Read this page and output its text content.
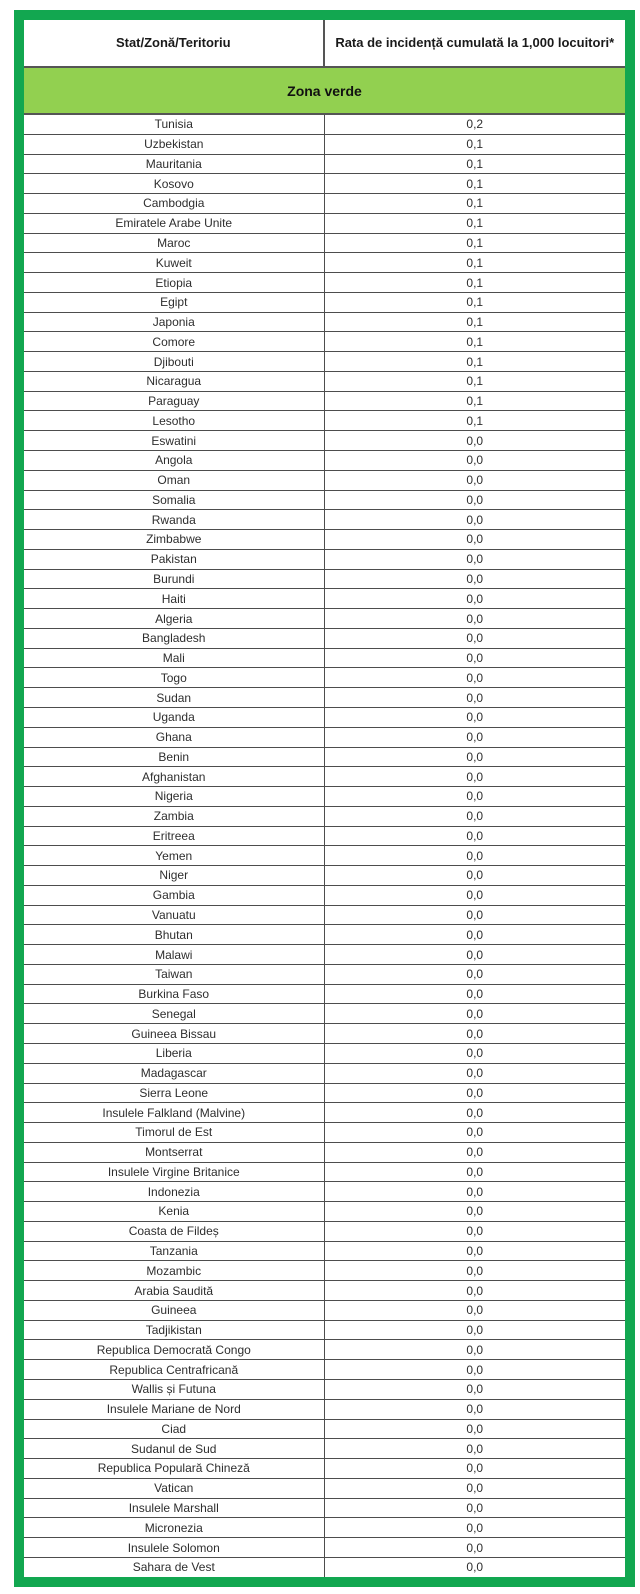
Stat/Zonă/Teritoriu	Rata de incidență cumulată la 1,000 locuitori*
Zona verde
Tunisia	0,2
Uzbekistan	0,1
Mauritania	0,1
Kosovo	0,1
Cambodgia	0,1
Emiratele Arabe Unite	0,1
Maroc	0,1
Kuweit	0,1
Etiopia	0,1
Egipt	0,1
Japonia	0,1
Comore	0,1
Djibouti	0,1
Nicaragua	0,1
Paraguay	0,1
Lesotho	0,1
Eswatini	0,0
Angola	0,0
Oman	0,0
Somalia	0,0
Rwanda	0,0
Zimbabwe	0,0
Pakistan	0,0
Burundi	0,0
Haiti	0,0
Algeria	0,0
Bangladesh	0,0
Mali	0,0
Togo	0,0
Sudan	0,0
Uganda	0,0
Ghana	0,0
Benin	0,0
Afghanistan	0,0
Nigeria	0,0
Zambia	0,0
Eritreea	0,0
Yemen	0,0
Niger	0,0
Gambia	0,0
Vanuatu	0,0
Bhutan	0,0
Malawi	0,0
Taiwan	0,0
Burkina Faso	0,0
Senegal	0,0
Guineea Bissau	0,0
Liberia	0,0
Madagascar	0,0
Sierra Leone	0,0
Insulele Falkland (Malvine)	0,0
Timorul de Est	0,0
Montserrat	0,0
Insulele Virgine Britanice	0,0
Indonezia	0,0
Kenia	0,0
Coasta de Fildeș	0,0
Tanzania	0,0
Mozambic	0,0
Arabia Saudită	0,0
Guineea	0,0
Tadjikistan	0,0
Republica Democrată Congo	0,0
Republica Centrafricană	0,0
Wallis și Futuna	0,0
Insulele Mariane de Nord	0,0
Ciad	0,0
Sudanul de Sud	0,0
Republica Populară Chineză	0,0
Vatican	0,0
Insulele Marshall	0,0
Micronezia	0,0
Insulele Solomon	0,0
Sahara de Vest	0,0
